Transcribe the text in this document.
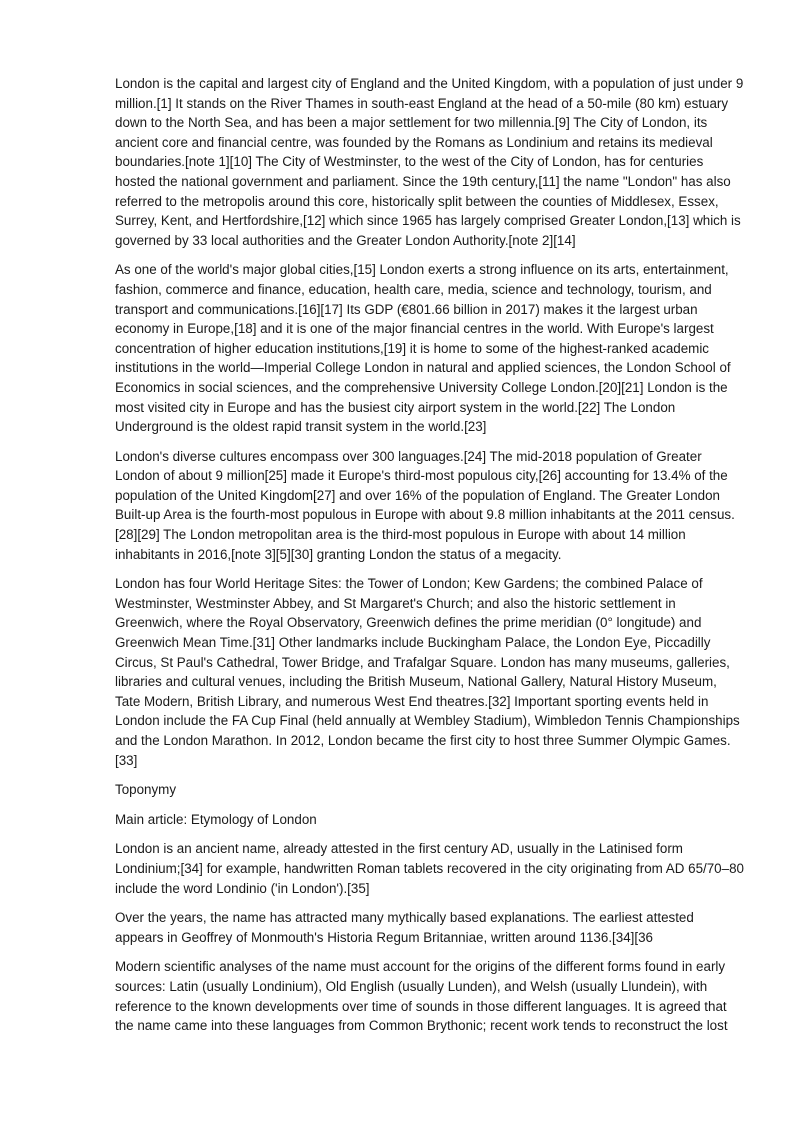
London is the capital and largest city of England and the United Kingdom, with a population of just under 9 million.[1] It stands on the River Thames in south-east England at the head of a 50-mile (80 km) estuary down to the North Sea, and has been a major settlement for two millennia.[9] The City of London, its ancient core and financial centre, was founded by the Romans as Londinium and retains its medieval boundaries.[note 1][10] The City of Westminster, to the west of the City of London, has for centuries hosted the national government and parliament. Since the 19th century,[11] the name "London" has also referred to the metropolis around this core, historically split between the counties of Middlesex, Essex, Surrey, Kent, and Hertfordshire,[12] which since 1965 has largely comprised Greater London,[13] which is governed by 33 local authorities and the Greater London Authority.[note 2][14]

As one of the world's major global cities,[15] London exerts a strong influence on its arts, entertainment, fashion, commerce and finance, education, health care, media, science and technology, tourism, and transport and communications.[16][17] Its GDP (€801.66 billion in 2017) makes it the largest urban economy in Europe,[18] and it is one of the major financial centres in the world. With Europe's largest concentration of higher education institutions,[19] it is home to some of the highest-ranked academic institutions in the world—Imperial College London in natural and applied sciences, the London School of Economics in social sciences, and the comprehensive University College London.[20][21] London is the most visited city in Europe and has the busiest city airport system in the world.[22] The London Underground is the oldest rapid transit system in the world.[23]

London's diverse cultures encompass over 300 languages.[24] The mid-2018 population of Greater London of about 9 million[25] made it Europe's third-most populous city,[26] accounting for 13.4% of the population of the United Kingdom[27] and over 16% of the population of England. The Greater London Built-up Area is the fourth-most populous in Europe with about 9.8 million inhabitants at the 2011 census.[28][29] The London metropolitan area is the third-most populous in Europe with about 14 million inhabitants in 2016,[note 3][5][30] granting London the status of a megacity.

London has four World Heritage Sites: the Tower of London; Kew Gardens; the combined Palace of Westminster, Westminster Abbey, and St Margaret's Church; and also the historic settlement in Greenwich, where the Royal Observatory, Greenwich defines the prime meridian (0° longitude) and Greenwich Mean Time.[31] Other landmarks include Buckingham Palace, the London Eye, Piccadilly Circus, St Paul's Cathedral, Tower Bridge, and Trafalgar Square. London has many museums, galleries, libraries and cultural venues, including the British Museum, National Gallery, Natural History Museum, Tate Modern, British Library, and numerous West End theatres.[32] Important sporting events held in London include the FA Cup Final (held annually at Wembley Stadium), Wimbledon Tennis Championships and the London Marathon. In 2012, London became the first city to host three Summer Olympic Games.[33]

Toponymy

Main article: Etymology of London

London is an ancient name, already attested in the first century AD, usually in the Latinised form Londinium;[34] for example, handwritten Roman tablets recovered in the city originating from AD 65/70–80 include the word Londinio ('in London').[35]

Over the years, the name has attracted many mythically based explanations. The earliest attested appears in Geoffrey of Monmouth's Historia Regum Britanniae, written around 1136.[34][36

Modern scientific analyses of the name must account for the origins of the different forms found in early sources: Latin (usually Londinium), Old English (usually Lunden), and Welsh (usually Llundein), with reference to the known developments over time of sounds in those different languages. It is agreed that the name came into these languages from Common Brythonic; recent work tends to reconstruct the lost
